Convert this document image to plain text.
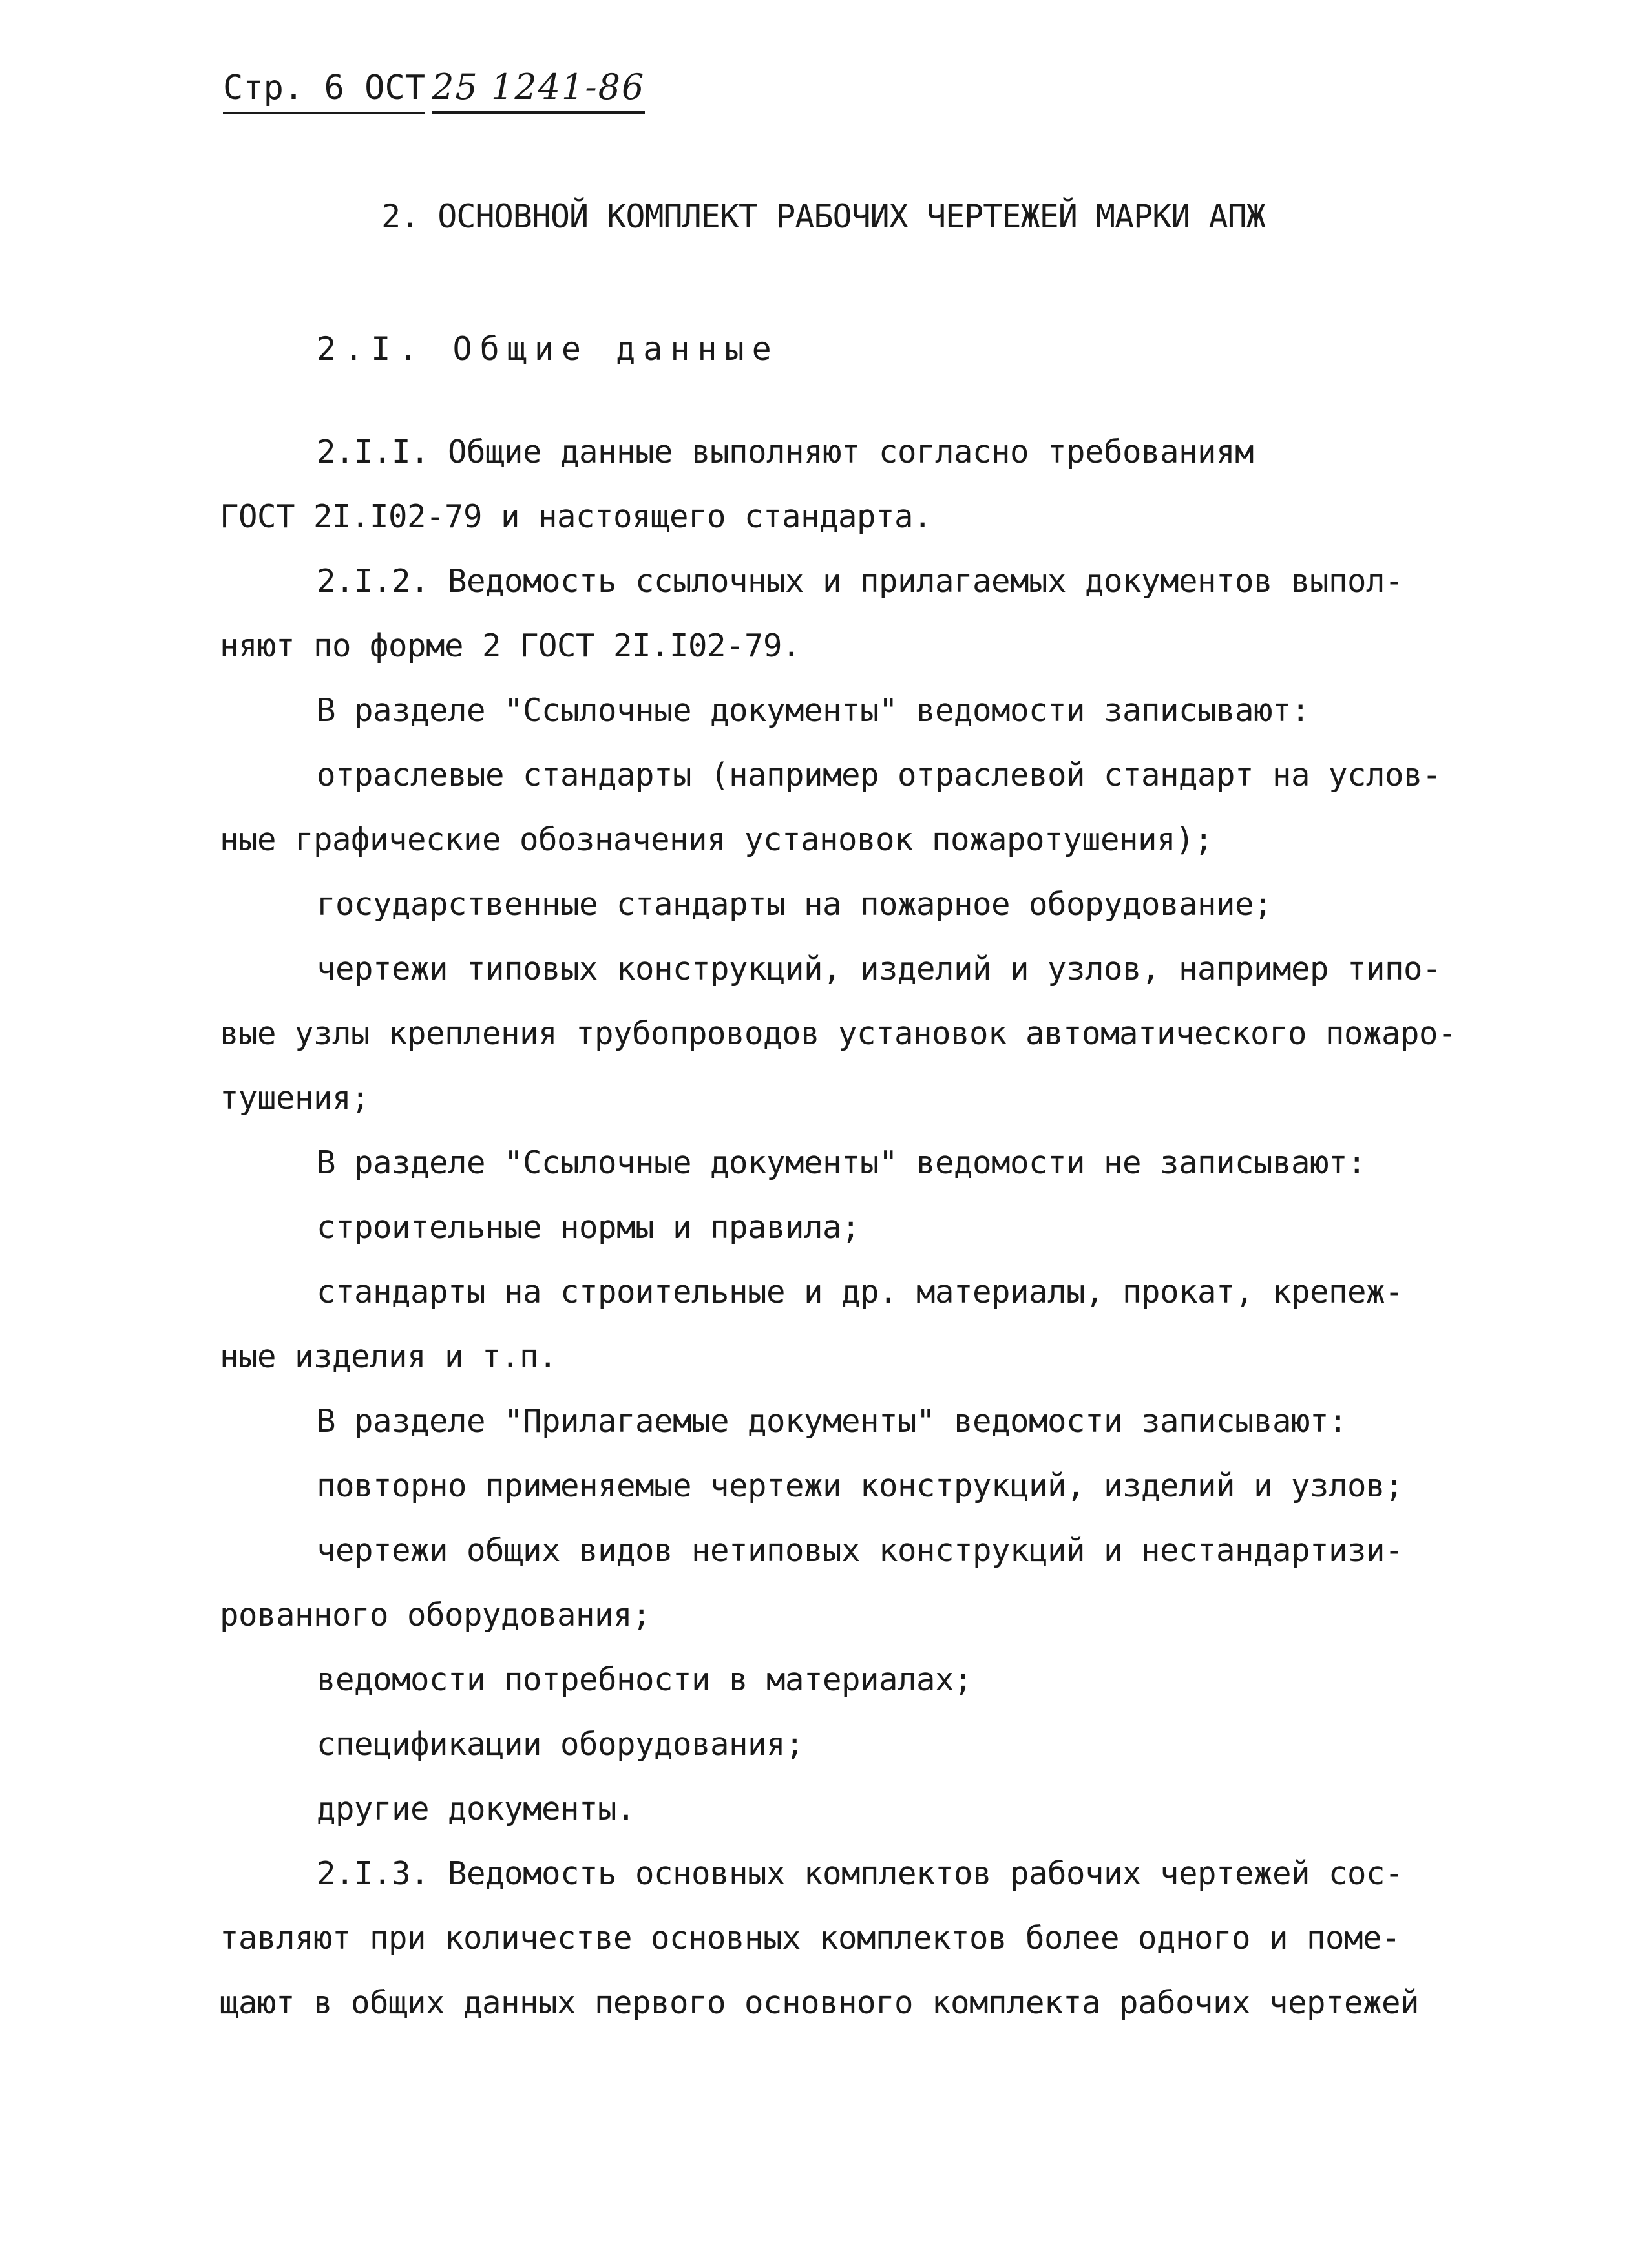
Стр. 6 ОСТ 25 1241-86
2. ОСНОВНОЙ КОМПЛЕКТ РАБОЧИХ ЧЕРТЕЖЕЙ МАРКИ АПЖ
2.I. Общие данные
2.I.I. Общие данные выполняют согласно требованиям
ГОСТ 2I.I02-79 и настоящего стандарта.
2.I.2. Ведомость ссылочных и прилагаемых документов выпол-
няют по форме 2 ГОСТ 2I.I02-79.
В разделе "Ссылочные документы" ведомости записывают:
отраслевые стандарты (например отраслевой стандарт на услов-
ные графические обозначения установок пожаротушения);
государственные стандарты на пожарное оборудование;
чертежи типовых конструкций, изделий и узлов, например типо-
вые узлы крепления трубопроводов установок автоматического пожаро-
тушения;
В разделе "Ссылочные документы" ведомости не записывают:
строительные нормы и правила;
стандарты на строительные и др. материалы, прокат, крепеж-
ные изделия и т.п.
В разделе "Прилагаемые документы" ведомости записывают:
повторно применяемые чертежи конструкций, изделий и узлов;
чертежи общих видов нетиповых конструкций и нестандартизи-
рованного оборудования;
ведомости потребности в материалах;
спецификации оборудования;
другие документы.
2.I.3. Ведомость основных комплектов рабочих чертежей сос-
тавляют при количестве основных комплектов более одного и поме-
щают в общих данных первого основного комплекта рабочих чертежей
